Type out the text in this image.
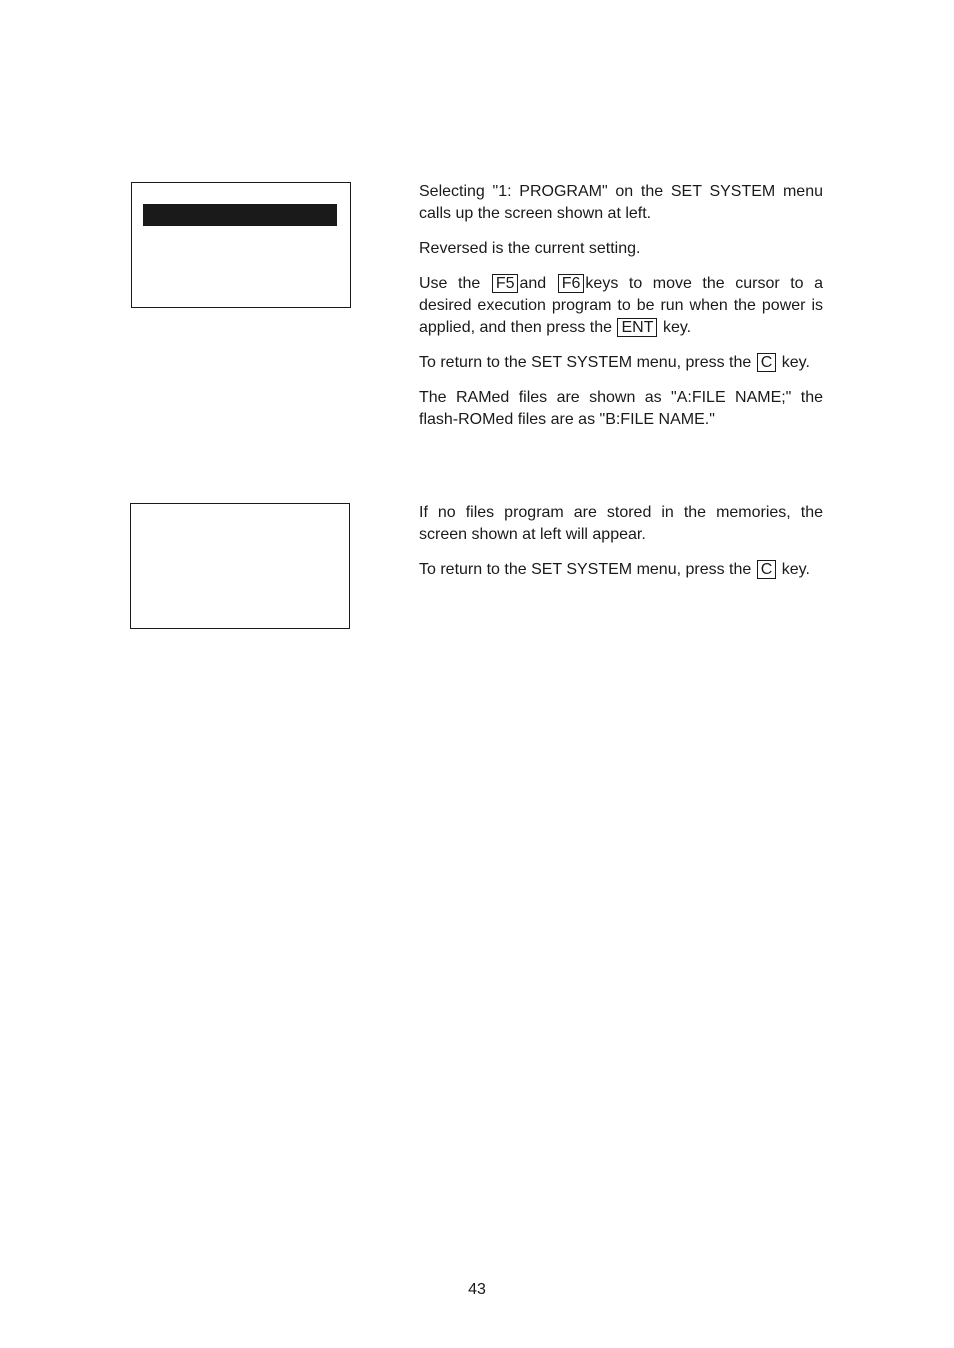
Selecting "1: PROGRAM" on the SET SYSTEM menu calls up the screen shown at left.

Reversed is the current setting.

Use the F5 and F6 keys to move the cursor to a desired execution program to be run when the power is applied, and then press the ENT key.

To return to the SET SYSTEM menu, press the C key.

The RAMed files are shown as "A:FILE NAME;" the flash-ROMed files are as "B:FILE NAME."

If no files program are stored in the memories, the screen shown at left will appear.

To return to the SET SYSTEM menu, press the C key.

43
